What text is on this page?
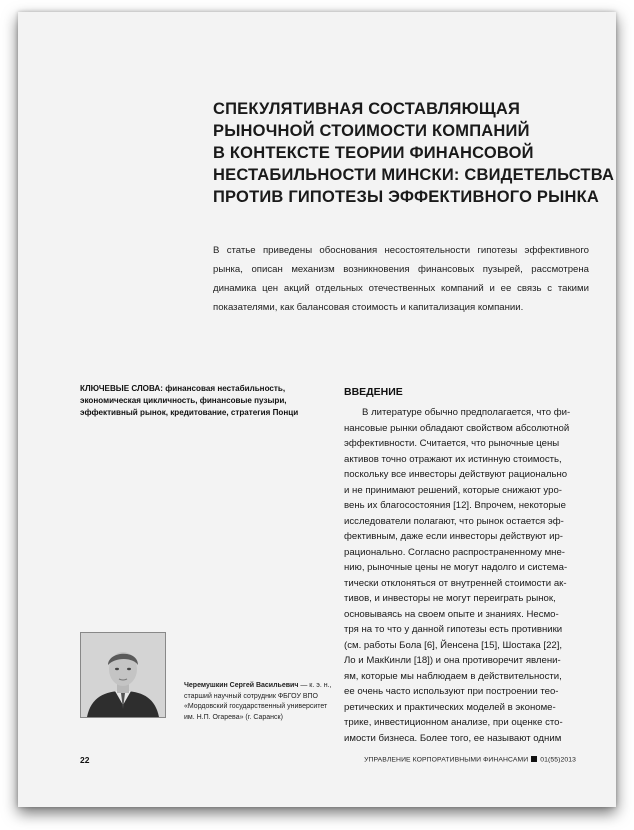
СПЕКУЛЯТИВНАЯ СОСТАВЛЯЮЩАЯ
РЫНОЧНОЙ СТОИМОСТИ КОМПАНИЙ
В КОНТЕКСТЕ ТЕОРИИ ФИНАНСОВОЙ
НЕСТАБИЛЬНОСТИ МИНСКИ: СВИДЕТЕЛЬСТВА
ПРОТИВ ГИПОТЕЗЫ ЭФФЕКТИВНОГО РЫНКА

В статье приведены обоснования несостоятельности гипотезы эффективного рынка, описан механизм возникновения финансовых пузырей, рассмотрена динамика цен акций отдельных отечественных компаний и ее связь с такими показателями, как балансовая стоимость и капитализация компании.

КЛЮЧЕВЫЕ СЛОВА: финансовая нестабильность, экономическая цикличность, финансовые пузыри, эффективный рынок, кредитование, стратегия Понци
ВВЕДЕНИЕ
В литературе обычно предполагается, что фи-
нансовые рынки обладают свойством абсолютной
эффективности. Считается, что рыночные цены
активов точно отражают их истинную стоимость,
поскольку все инвесторы действуют рационально
и не принимают решений, которые снижают уро-
вень их благосостояния [12]. Впрочем, некоторые
исследователи полагают, что рынок остается эф-
фективным, даже если инвесторы действуют ир-
рационально. Согласно распространенному мне-
нию, рыночные цены не могут надолго и система-
тически отклоняться от внутренней стоимости ак-
тивов, и инвесторы не могут переиграть рынок,
основываясь на своем опыте и знаниях. Несмо-
тря на то что у данной гипотезы есть противники
(см. работы Бола [6], Йенсена [15], Шостака [22],
Ло и МакКинли [18]) и она противоречит явлени-
ям, которые мы наблюдаем в действительности,
ее очень часто используют при построении тео-
ретических и практических моделей в экономе-
трике, инвестиционном анализе, при оценке сто-
имости бизнеса. Более того, ее называют одним
Черемушкин Сергей Васильевич — к. э. н., старший научный сотрудник ФБГОУ ВПО «Мордовский государственный университет им. Н.П. Огарева» (г. Саранск)
22	УПРАВЛЕНИЕ КОРПОРАТИВНЫМИ ФИНАНСАМИ 01(55)2013
